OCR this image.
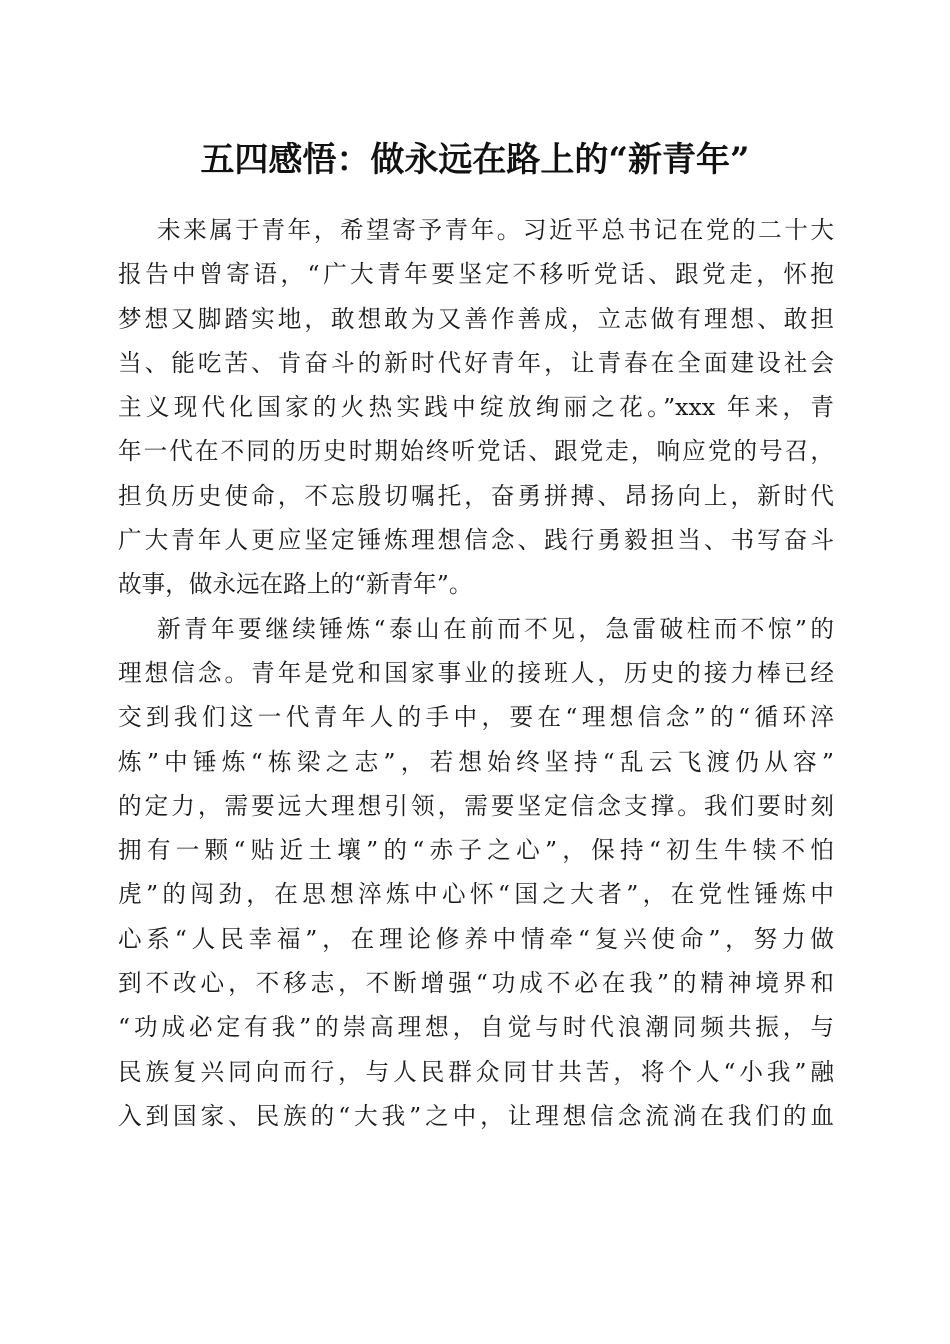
五四感悟：做永远在路上的“新青年”
未来属于青年，希望寄予青年。习近平总书记在党的二十大
报告中曾寄语，“广大青年要坚定不移听党话、跟党走，怀抱
梦想又脚踏实地，敢想敢为又善作善成，立志做有理想、敢担
当、能吃苦、肯奋斗的新时代好青年，让青春在全面建设社会
主义现代化国家的火热实践中绽放绚丽之花。”xxx 年来，青
年一代在不同的历史时期始终听党话、跟党走，响应党的号召，
担负历史使命，不忘殷切嘱托，奋勇拼搏、昂扬向上，新时代
广大青年人更应坚定锤炼理想信念、践行勇毅担当、书写奋斗
故事，做永远在路上的“新青年”。
新青年要继续锤炼“泰山在前而不见，急雷破柱而不惊”的
理想信念。青年是党和国家事业的接班人，历史的接力棒已经
交到我们这一代青年人的手中，要在“理想信念”的“循环淬
炼”中锤炼“栋梁之志”，若想始终坚持“乱云飞渡仍从容”
的定力，需要远大理想引领，需要坚定信念支撑。我们要时刻
拥有一颗“贴近土壤”的“赤子之心”，保持“初生牛犊不怕
虎”的闯劲，在思想淬炼中心怀“国之大者”，在党性锤炼中
心系“人民幸福”，在理论修养中情牵“复兴使命”，努力做
到不改心，不移志，不断增强“功成不必在我”的精神境界和
“功成必定有我”的崇高理想，自觉与时代浪潮同频共振，与
民族复兴同向而行，与人民群众同甘共苦，将个人“小我”融
入到国家、民族的“大我”之中，让理想信念流淌在我们的血
